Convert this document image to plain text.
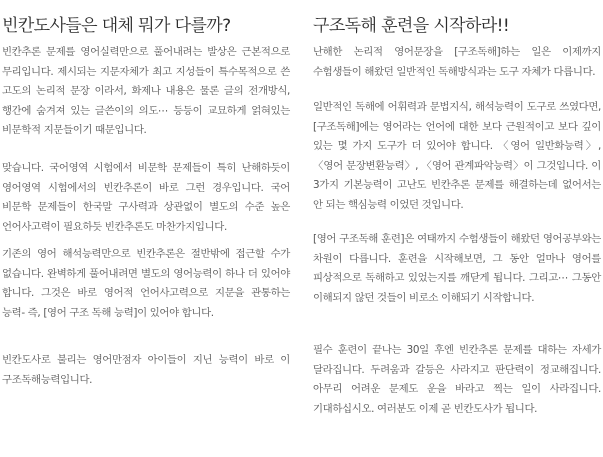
빈칸도사들은 대체 뭐가 다를까?

빈칸추론 문제를 영어실력만으로 풀어내려는 발상은 근본적으로 무리입니다. 제시되는 지문자체가 최고 지성들이 특수목적으로 쓴 고도의 논리적 문장 이라서, 화제나 내용은 물론 글의 전개방식, 행간에 숨겨져 있는 글쓴이의 의도⋯ 등등이 교묘하게 얽혀있는 비문학적 지문들이기 때문입니다.

맞습니다. 국어영역 시험에서 비문학 문제들이 특히 난해하듯이 영어영역 시험에서의 빈칸추론이 바로 그런 경우입니다. 국어 비문학 문제들이 한국말 구사력과 상관없이 별도의 수준 높은 언어사고력이 필요하듯 빈칸추론도 마찬가지입니다.

기존의 영어 해석능력만으로 빈칸추론은 절반밖에 접근할 수가 없습니다. 완벽하게 풀어내려면 별도의 영어능력이 하나 더 있어야 합니다. 그것은 바로 영어적 언어사고력으로 지문을 관통하는 능력- 즉, [영어 구조 독해 능력]이 있어야 합니다.

빈칸도사로 불리는 영어만점자 아이들이 지닌 능력이 바로 이 구조독해능력입니다.

구조독해 훈련을 시작하라!!

난해한 논리적 영어문장을 [구조독해]하는 일은 이제까지 수험생들이 해왔던 일반적인 독해방식과는 도구 자체가 다릅니다.

일반적인 독해에 어휘력과 문법지식, 해석능력이 도구로 쓰였다면, [구조독해]에는 영어라는 언어에 대한 보다 근원적이고 보다 깊이 있는 몇 가지 도구가 더 있어야 합니다. 〈영어 일반화능력〉, 〈영어 문장변환능력〉, 〈영어 관계파악능력〉이 그것입니다. 이 3가지 기본능력이 고난도 빈칸추론 문제를 해결하는데 없어서는 안 되는 핵심능력 이었던 것입니다.

[영어 구조독해 훈련]은 여태까지 수험생들이 해왔던 영어공부와는 차원이 다릅니다. 훈련을 시작해보면, 그 동안 얼마나 영어를 피상적으로 독해하고 있었는지를 깨닫게 됩니다. 그리고⋯ 그동안 이해되지 않던 것들이 비로소 이해되기 시작합니다.

필수 훈련이 끝나는 30일 후엔 빈칸추론 문제를 대하는 자세가 달라집니다. 두려움과 갈등은 사라지고 판단력이 정교해집니다. 아무리 어려운 문제도 운을 바라고 찍는 일이 사라집니다. 기대하십시오. 여러분도 이제 곧 빈칸도사가 됩니다.
